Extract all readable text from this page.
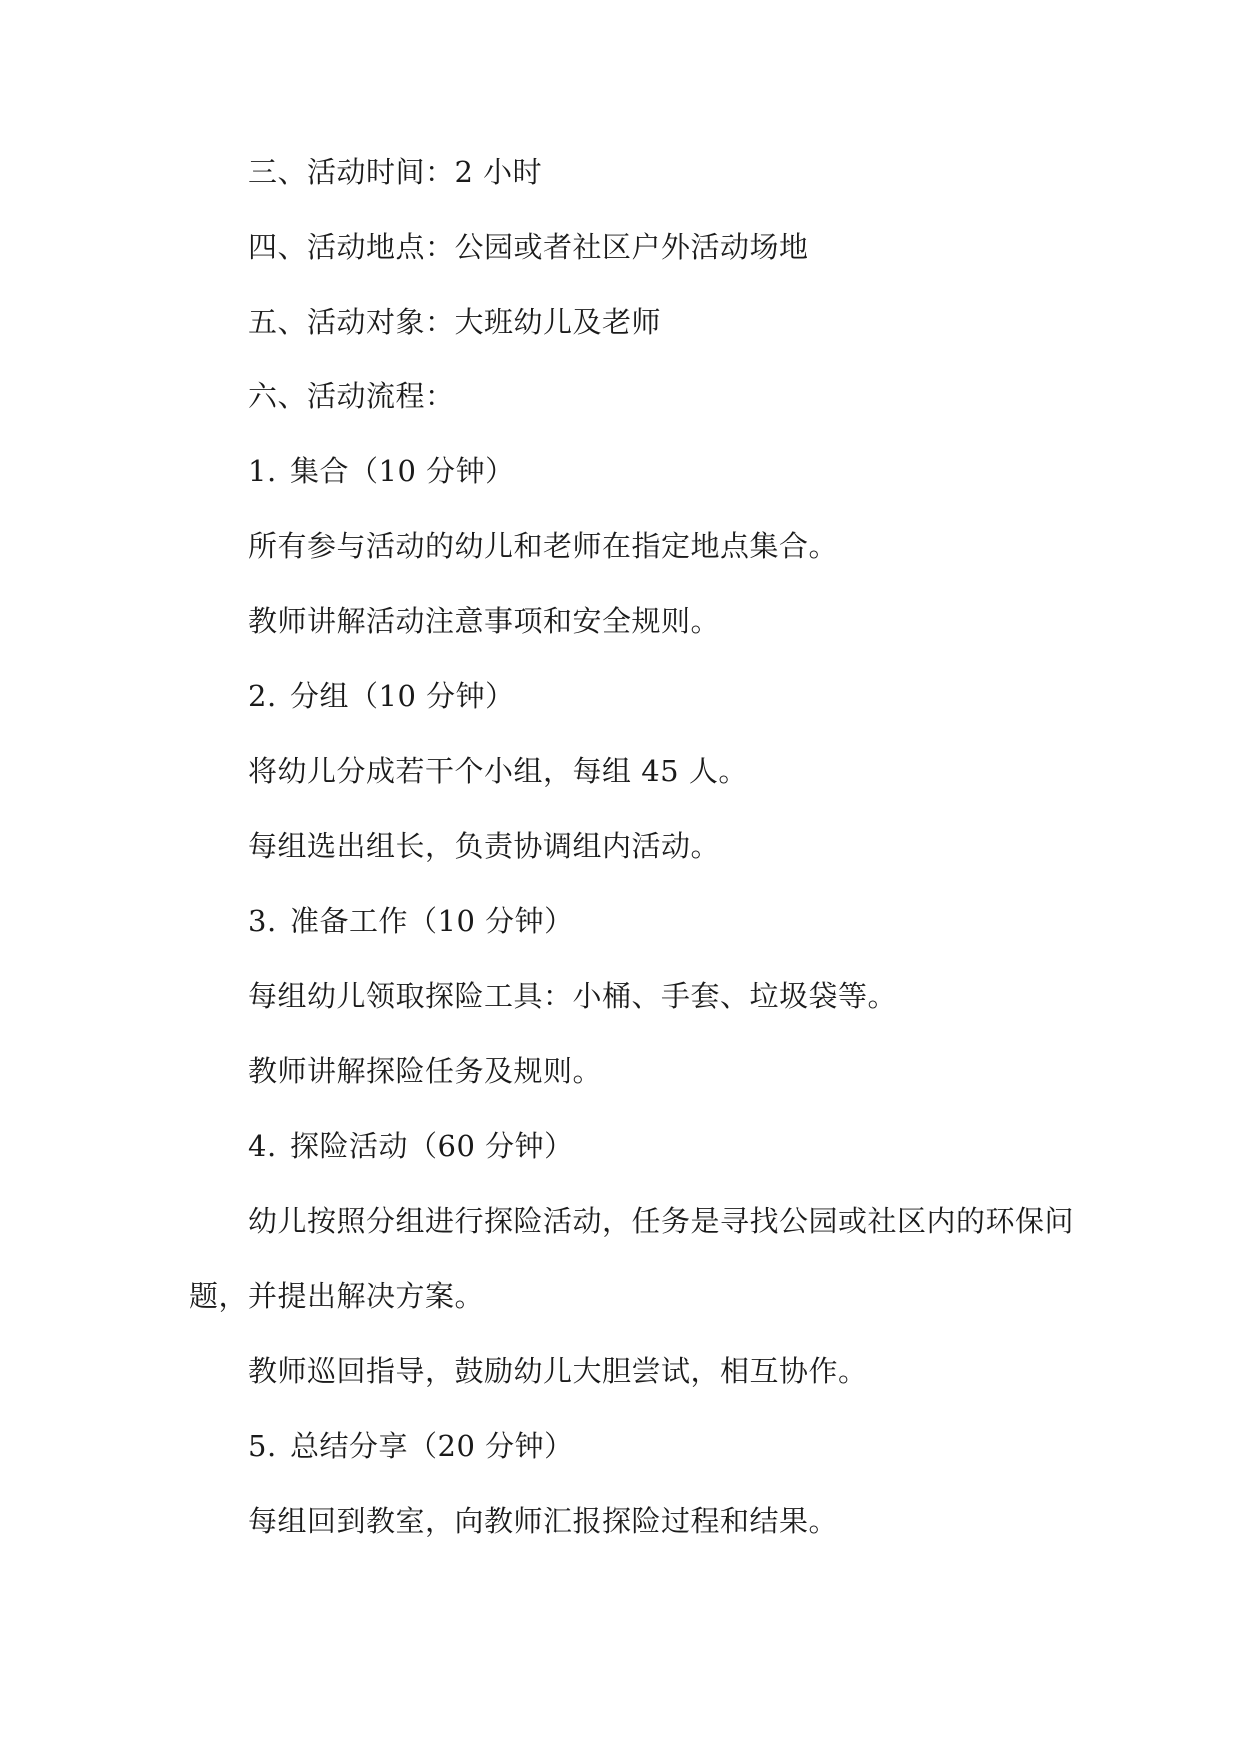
三、活动时间：2 小时
四、活动地点：公园或者社区户外活动场地
五、活动对象：大班幼儿及老师
六、活动流程：
1. 集合（10 分钟）
所有参与活动的幼儿和老师在指定地点集合。
教师讲解活动注意事项和安全规则。
2. 分组（10 分钟）
将幼儿分成若干个小组，每组 45 人。
每组选出组长，负责协调组内活动。
3. 准备工作（10 分钟）
每组幼儿领取探险工具：小桶、手套、垃圾袋等。
教师讲解探险任务及规则。
4. 探险活动（60 分钟）
幼儿按照分组进行探险活动，任务是寻找公园或社区内的环保问
题，并提出解决方案。
教师巡回指导，鼓励幼儿大胆尝试，相互协作。
5. 总结分享（20 分钟）
每组回到教室，向教师汇报探险过程和结果。
